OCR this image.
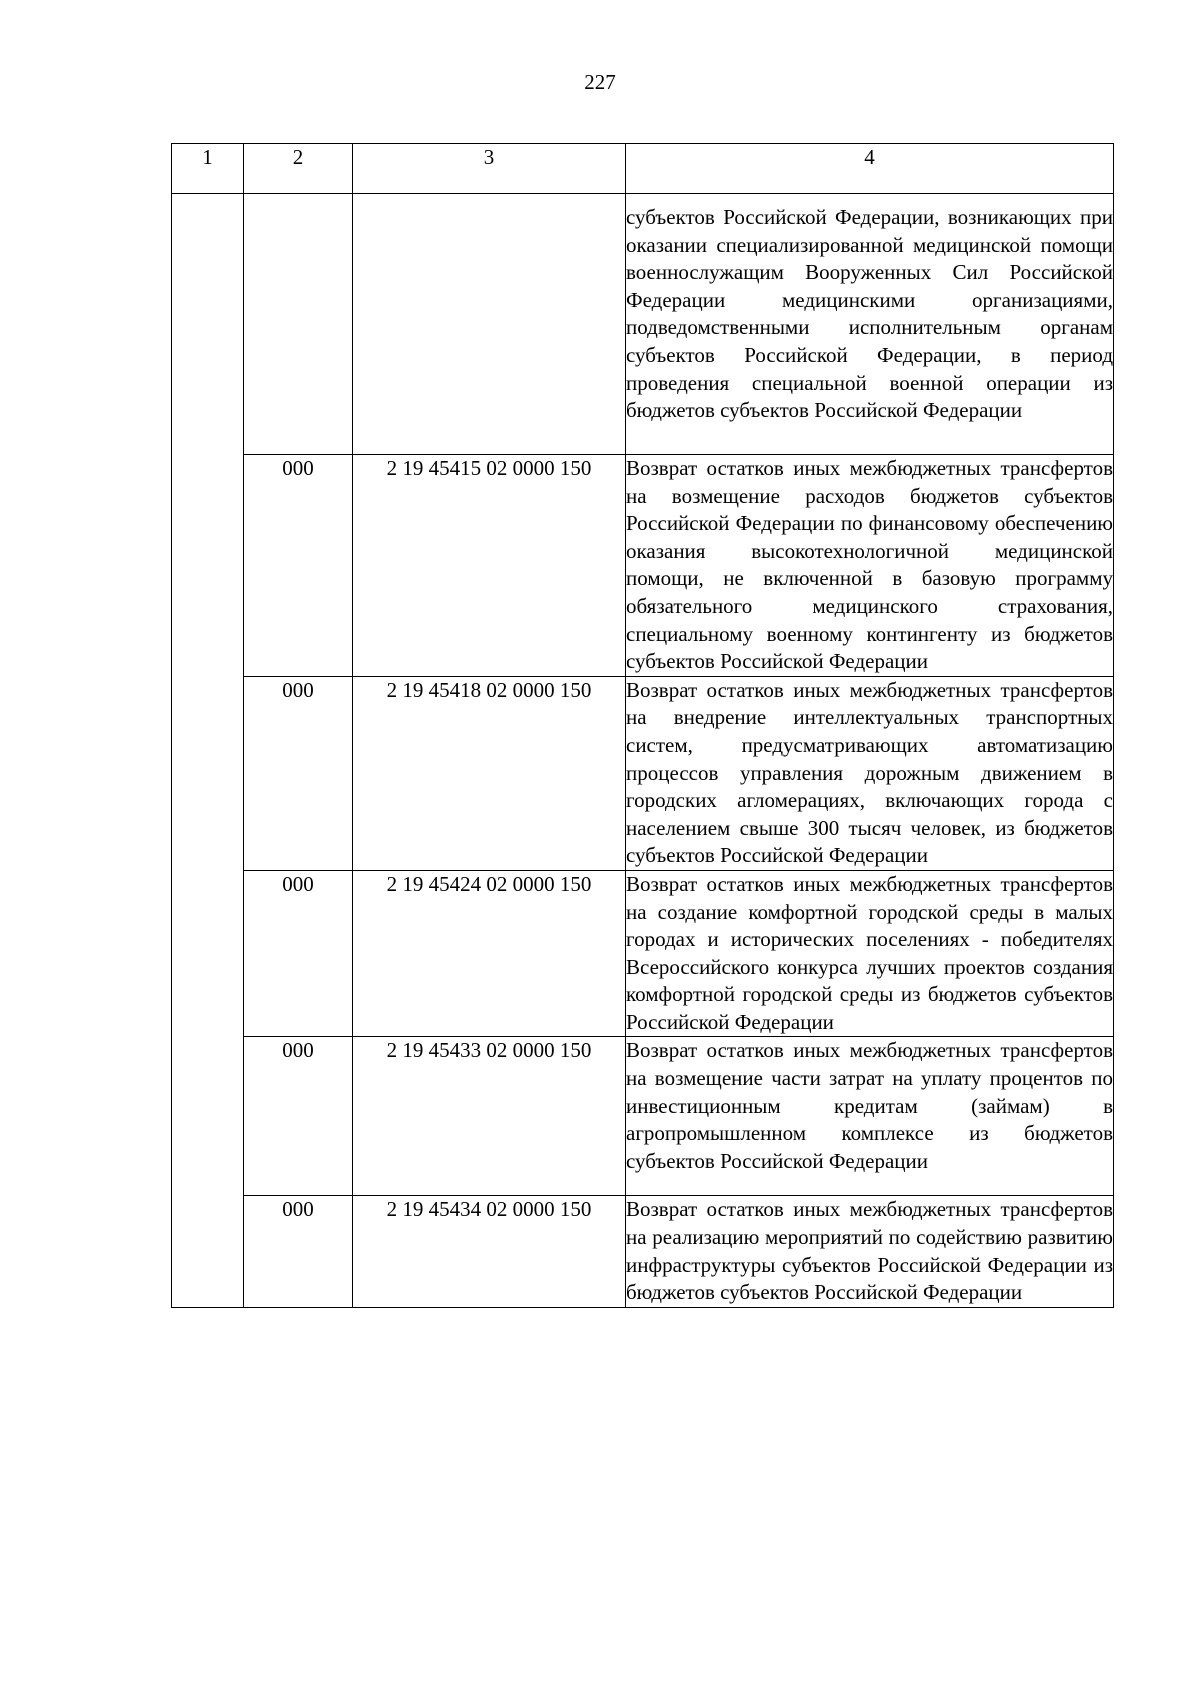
227
1	2	3	4
			субъектов Российской Федерации, возникающих при оказании специализированной медицинской помощи военнослужащим Вооруженных Сил Российской Федерации медицинскими организациями, подведомственными исполнительным органам субъектов Российской Федерации, в период проведения специальной военной операции из бюджетов субъектов Российской Федерации
	000	2 19 45415 02 0000 150	Возврат остатков иных межбюджетных трансфертов на возмещение расходов бюджетов субъектов Российской Федерации по финансовому обеспечению оказания высокотехнологичной медицинской помощи, не включенной в базовую программу обязательного медицинского страхования, специальному военному контингенту из бюджетов субъектов Российской Федерации
	000	2 19 45418 02 0000 150	Возврат остатков иных межбюджетных трансфертов на внедрение интеллектуальных транспортных систем, предусматривающих автоматизацию процессов управления дорожным движением в городских агломерациях, включающих города с населением свыше 300 тысяч человек, из бюджетов субъектов Российской Федерации
	000	2 19 45424 02 0000 150	Возврат остатков иных межбюджетных трансфертов на создание комфортной городской среды в малых городах и исторических поселениях - победителях Всероссийского конкурса лучших проектов создания комфортной городской среды из бюджетов субъектов Российской Федерации
	000	2 19 45433 02 0000 150	Возврат остатков иных межбюджетных трансфертов на возмещение части затрат на уплату процентов по инвестиционным кредитам (займам) в агропромышленном комплексе из бюджетов субъектов Российской Федерации
	000	2 19 45434 02 0000 150	Возврат остатков иных межбюджетных трансфертов на реализацию мероприятий по содействию развитию инфраструктуры субъектов Российской Федерации из бюджетов субъектов Российской Федерации
